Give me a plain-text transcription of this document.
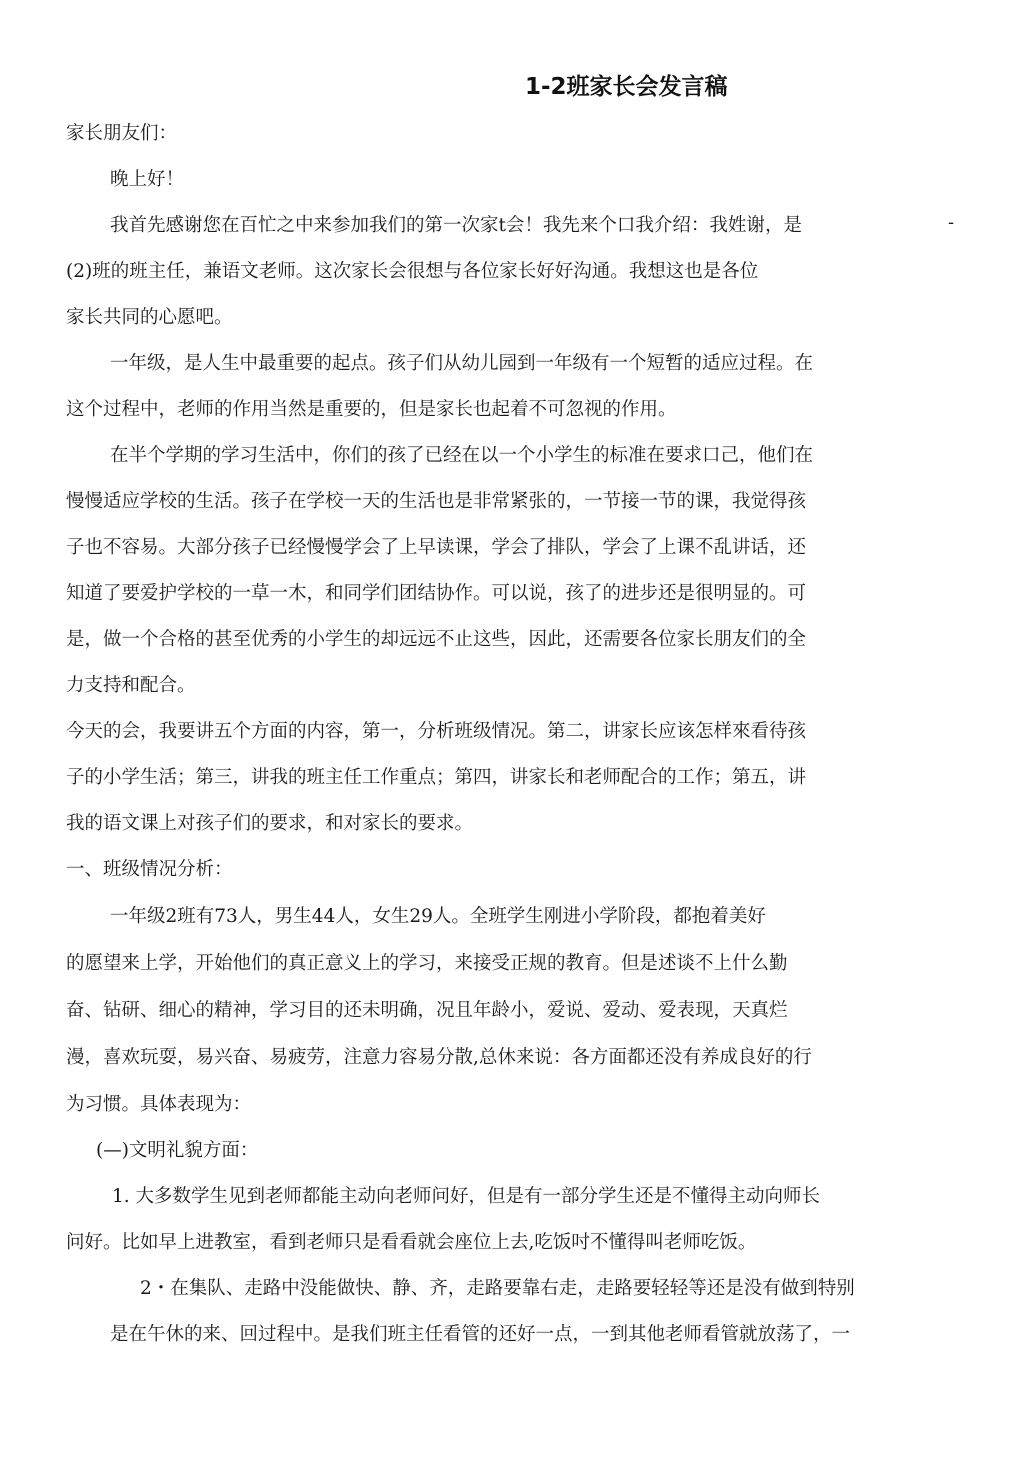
1-2班家长会发言稿
-
家长朋友们：
晚上好！
我首先感谢您在百忙之中来参加我们的第一次家t会！我先来个口我介绍：我姓谢，是
(2)班的班主任，兼语文老师。这次家长会很想与各位家长好好沟通。我想这也是各位
家长共同的心愿吧。
一年级，是人生中最重要的起点。孩子们从幼儿园到一年级有一个短暂的适应过程。在
这个过程中，老师的作用当然是重要的，但是家长也起着不可忽视的作用。
在半个学期的学习生活中，你们的孩了已经在以一个小学生的标准在要求口己，他们在
慢慢适应学校的生活。孩子在学校一天的生活也是非常紧张的，一节接一节的课，我觉得孩
子也不容易。大部分孩子已经慢慢学会了上早读课，学会了排队，学会了上课不乱讲话，还
知道了要爱护学校的一草一木，和同学们团结协作。可以说，孩了的进步还是很明显的。可
是，做一个合格的甚至优秀的小学生的却远远不止这些，因此，还需要各位家长朋友们的全
力支持和配合。
今天的会，我要讲五个方面的内容，第一，分析班级情况。第二，讲家长应该怎样來看待孩
子的小学生活；第三，讲我的班主任工作重点；第四，讲家长和老师配合的工作；第五，讲
我的语文课上对孩子们的要求，和对家长的要求。
一、班级情况分析：
一年级2班有73人，男生44人，女生29人。全班学生刚进小学阶段，都抱着美好
的愿望来上学，开始他们的真正意义上的学习，来接受正规的教育。但是述谈不上什么勤
奋、钻研、细心的精神，学习目的还未明确，况且年龄小，爱说、爱动、爱表现，天真烂
漫，喜欢玩耍，易兴奋、易疲劳，注意力容易分散,总休来说：各方面都还没有养成良好的行
为习惯。具体表现为：
(—)文明礼貌方面：
1. 大多数学生见到老师都能主动向老师问好，但是有一部分学生还是不懂得主动向师长
问好。比如早上进教室，看到老师只是看看就会座位上去,吃饭吋不懂得叫老师吃饭。
2・在集队、走路中没能做快、静、齐，走路要靠右走，走路要轻轻等还是没有做到特别
是在午休的来、回过程中。是我们班主任看管的还好一点，一到其他老师看管就放荡了，一
